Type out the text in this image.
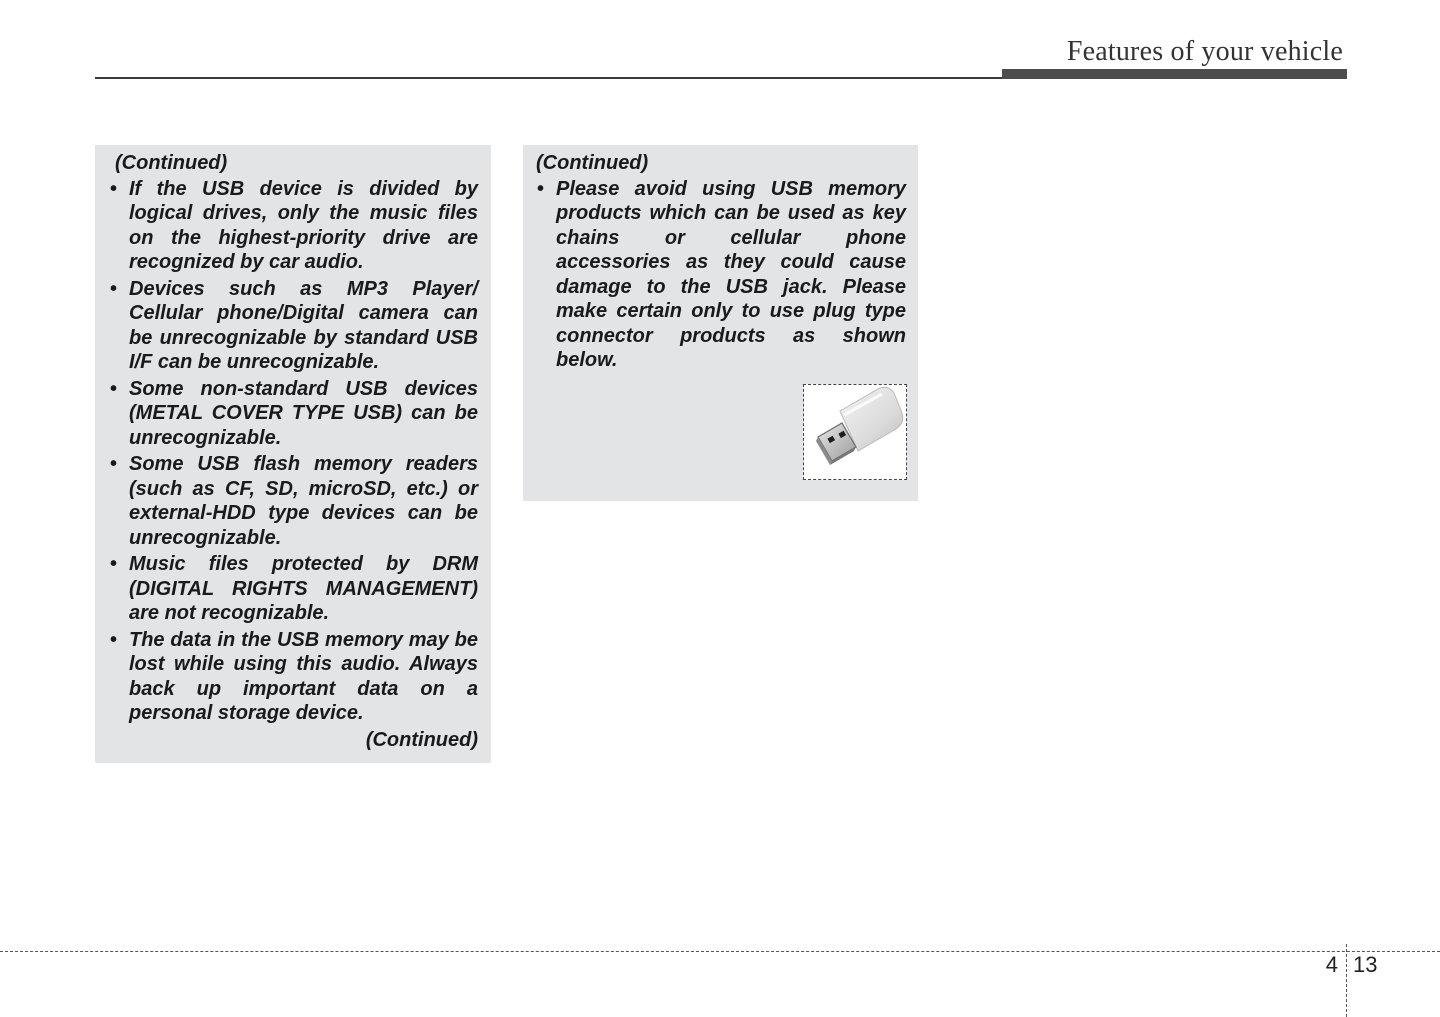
Features of your vehicle
(Continued)
• If the USB device is divided by logical drives, only the music files on the highest-priority drive are recognized by car audio.
• Devices such as MP3 Player/ Cellular phone/Digital camera can be unrecognizable by standard USB I/F can be unrecognizable.
• Some non-standard USB devices (METAL COVER TYPE USB) can be unrecognizable.
• Some USB flash memory readers (such as CF, SD, microSD, etc.) or external-HDD type devices can be unrecognizable.
• Music files protected by DRM (DIGITAL RIGHTS MANAGEMENT) are not recognizable.
• The data in the USB memory may be lost while using this audio. Always back up important data on a personal storage device.
(Continued)
(Continued)
• Please avoid using USB memory products which can be used as key chains or cellular phone accessories as they could cause damage to the USB jack. Please make certain only to use plug type connector products as shown below.
4 13
